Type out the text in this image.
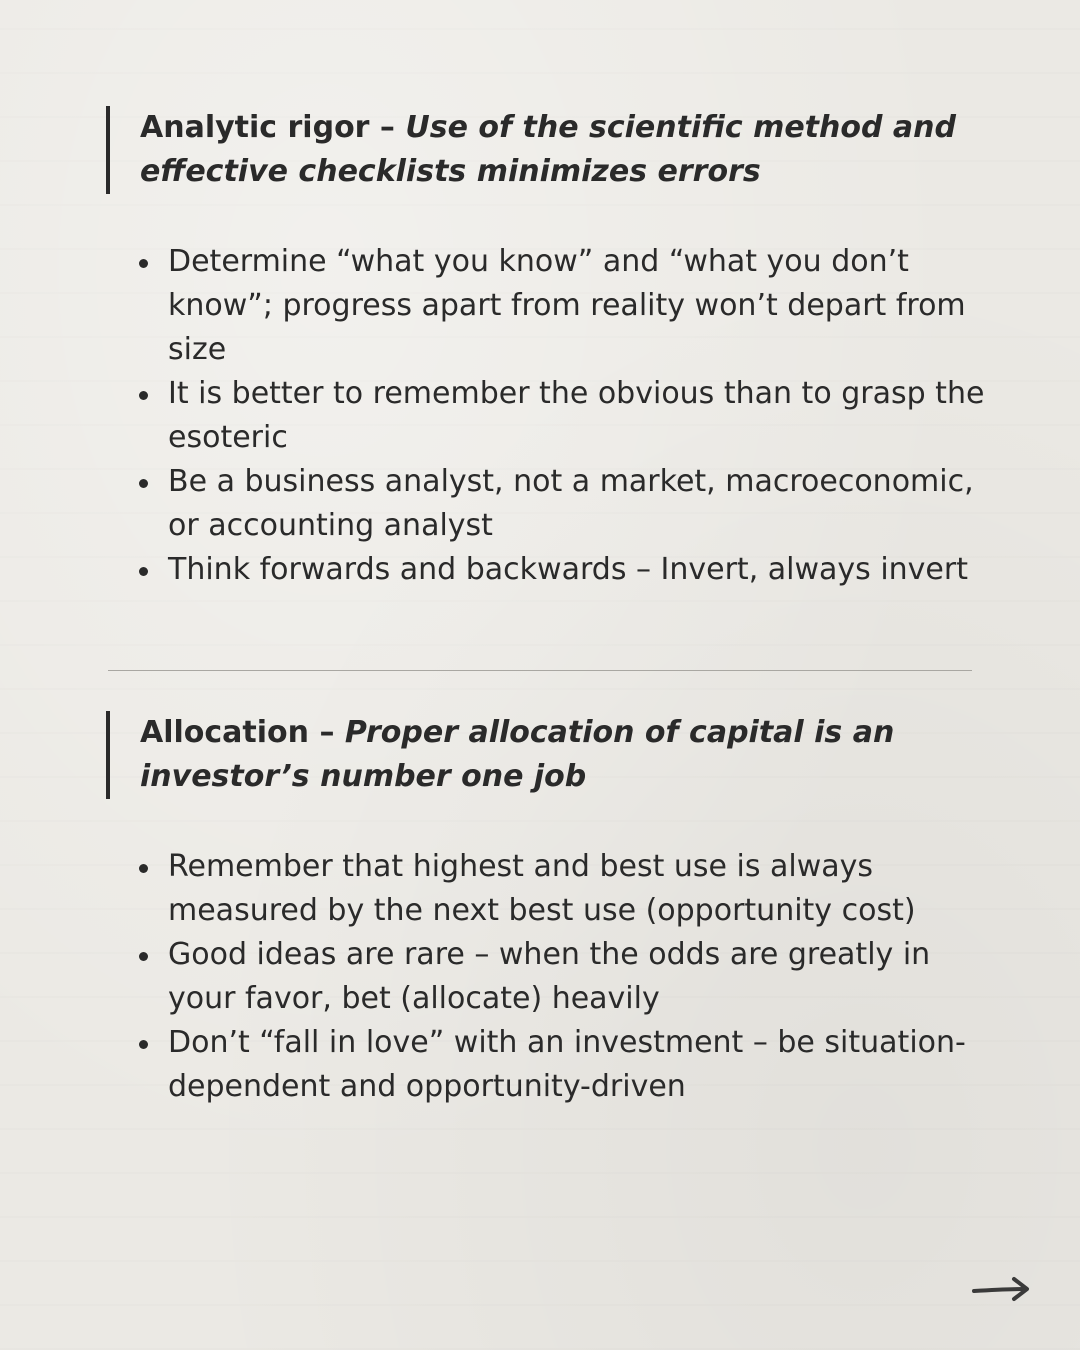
Analytic rigor – Use of the scientific method and effective checklists minimizes errors
Determine “what you know” and “what you don’t know”; progress apart from reality won’t depart from size
It is better to remember the obvious than to grasp the esoteric
Be a business analyst, not a market, macroeconomic, or accounting analyst
Think forwards and backwards – Invert, always invert
Allocation – Proper allocation of capital is an investor’s number one job
Remember that highest and best use is always measured by the next best use (opportunity cost)
Good ideas are rare – when the odds are greatly in your favor, bet (allocate) heavily
Don’t “fall in love” with an investment – be situation-dependent and opportunity-driven
